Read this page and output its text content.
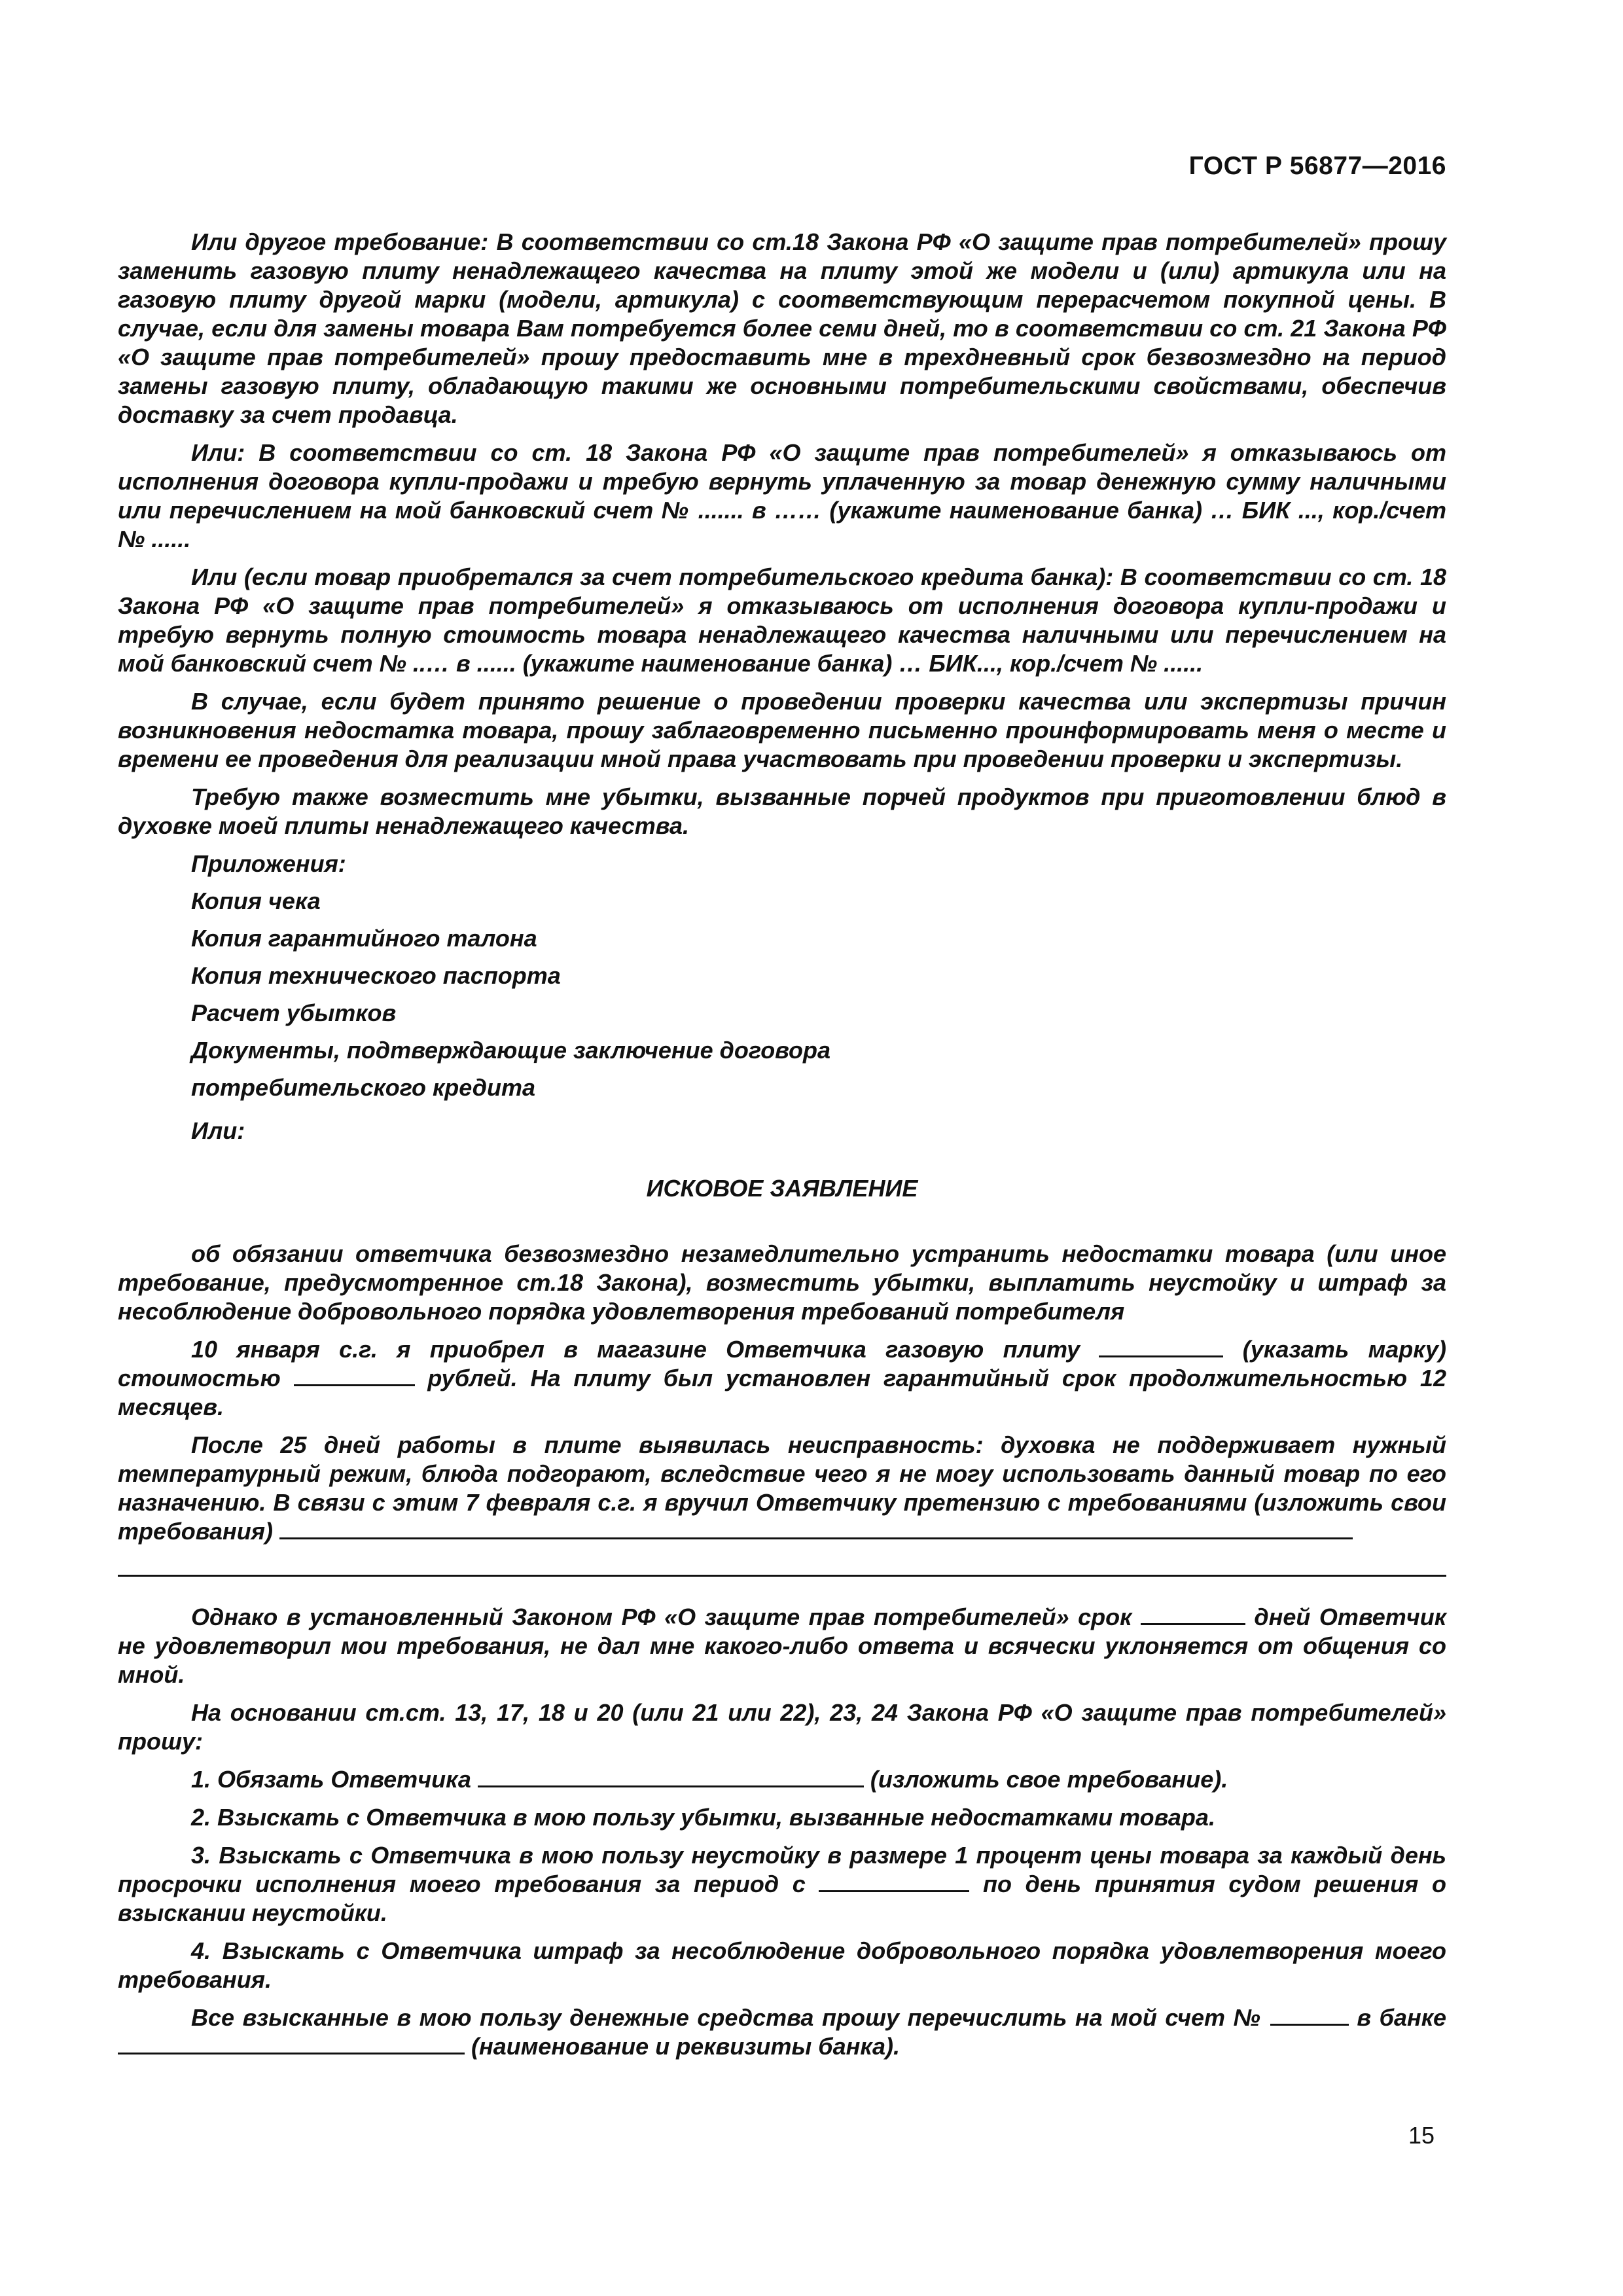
ГОСТ Р 56877—2016

Или другое требование: В соответствии со ст.18 Закона РФ «О защите прав потребителей» прошу заменить газовую плиту ненадлежащего качества на плиту этой же модели и (или) артикула или на газовую плиту другой марки (модели, артикула) с соответствующим перерасчетом покупной цены. В случае, если для замены товара Вам потребуется более семи дней, то в соответствии со ст. 21 Закона РФ «О защите прав потребителей» прошу предоставить мне в трехдневный срок безвозмездно на период замены газовую плиту, обладающую такими же основными потребительскими свойствами, обеспечив доставку за счет продавца.

Или: В соответствии со ст. 18 Закона РФ «О защите прав потребителей» я отказываюсь от исполнения договора купли-продажи и требую вернуть уплаченную за товар денежную сумму наличными или перечислением на мой банковский счет № ....... в …… (укажите наименование банка) … БИК ..., кор./счет № ......

Или (если товар приобретался за счет потребительского кредита банка): В соответствии со ст. 18 Закона РФ «О защите прав потребителей» я отказываюсь от исполнения договора купли-продажи и требую вернуть полную стоимость товара ненадлежащего качества наличными или перечислением на мой банковский счет № ..… в ...... (укажите наименование банка) … БИК..., кор./счет № ......

В случае, если будет принято решение о проведении проверки качества или экспертизы причин возникновения недостатка товара, прошу заблаговременно письменно проинформировать меня о месте и времени ее проведения для реализации мной права участвовать при проведении проверки и экспертизы.

Требую также возместить мне убытки, вызванные порчей продуктов при приготовлении блюд в духовке моей плиты ненадлежащего качества.

Приложения:
Копия чека
Копия гарантийного талона
Копия технического паспорта
Расчет убытков
Документы, подтверждающие заключение договора
потребительского кредита
Или:
ИСКОВОЕ ЗАЯВЛЕНИЕ

об обязании ответчика безвозмездно незамедлительно устранить недостатки товара (или иное требование, предусмотренное ст.18 Закона), возместить убытки, выплатить неустойку и штраф за несоблюдение добровольного порядка удовлетворения требований потребителя

10 января с.г. я приобрел в магазине Ответчика газовую плиту	(указать марку) стоимостью	рублей. На плиту был установлен гарантийный срок продолжительностью 12 месяцев.

После 25 дней работы в плите выявилась неисправность: духовка не поддерживает нужный температурный режим, блюда подгорают, вследствие чего я не могу использовать данный товар по его назначению. В связи с этим 7 февраля с.г. я вручил Ответчику претензию с требованиями (изложить свои требования)

Однако в установленный Законом РФ «О защите прав потребителей» срок	дней Ответчик не удовлетворил мои требования, не дал мне какого-либо ответа и всячески уклоняется от общения со мной.

На основании ст.ст. 13, 17, 18 и 20 (или 21 или 22), 23, 24 Закона РФ «О защите прав потребителей» прошу:

1. Обязать Ответчика	(изложить свое требование).

2. Взыскать с Ответчика в мою пользу убытки, вызванные недостатками товара.

3. Взыскать с Ответчика в мою пользу неустойку в размере 1 процент цены товара за каждый день просрочки исполнения моего требования за период с	по день принятия судом решения о взыскании неустойки.

4. Взыскать с Ответчика штраф за несоблюдение добровольного порядка удовлетворения моего требования.

Все взысканные в мою пользу денежные средства прошу перечислить на мой счет №	в банке  (наименование и реквизиты банка).

15
